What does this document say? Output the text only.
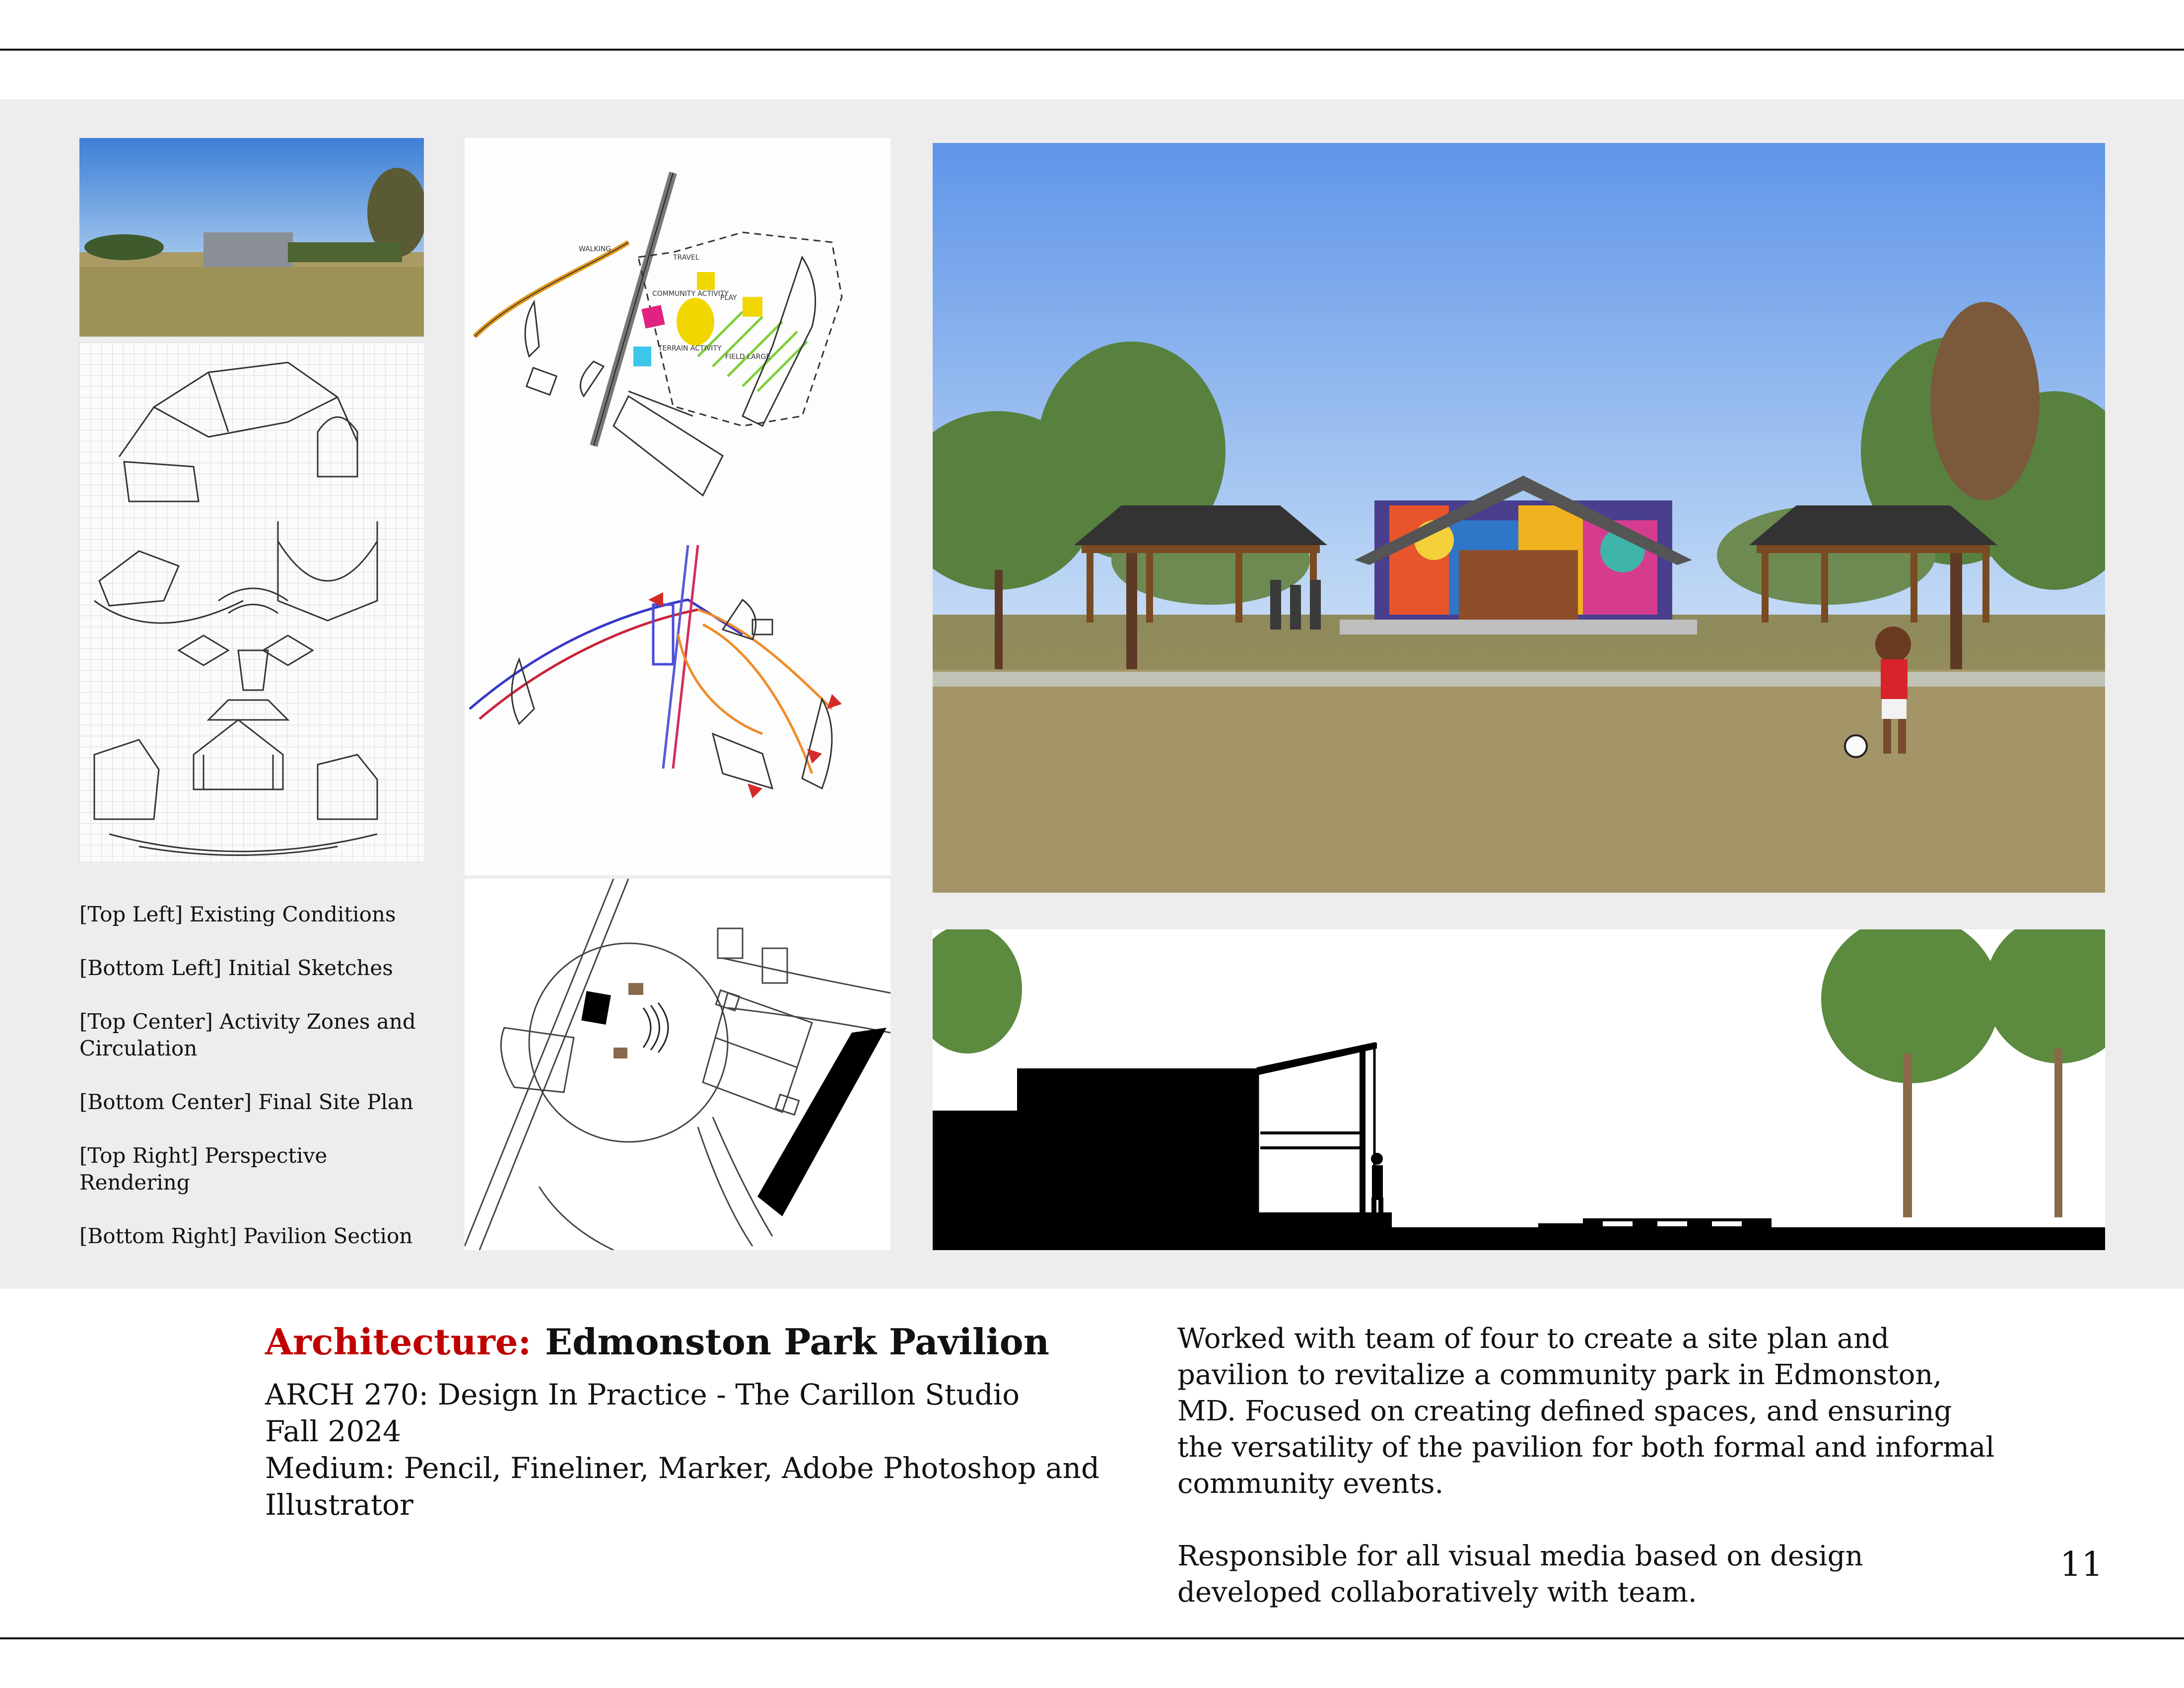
WALKING
TRAVEL
COMMUNITY ACTIVITY
PLAY
TERRAIN ACTIVITY
FIELD LARGE

[Top Left] Existing Conditions

[Bottom Left] Initial Sketches

[Top Center] Activity Zones and Circulation

[Bottom Center] Final Site Plan

[Top Right] Perspective Rendering

[Bottom Right] Pavilion Section

Architecture: Edmonston Park Pavilion
ARCH 270: Design In Practice - The Carillon Studio
Fall 2024
Medium: Pencil, Fineliner, Marker, Adobe Photoshop and
Illustrator

Worked with team of four to create a site plan and pavilion to revitalize a community park in Edmonston, MD. Focused on creating defined spaces, and ensuring the versatility of the pavilion for both formal and informal community events.

Responsible for all visual media based on design developed collaboratively with team.

11
